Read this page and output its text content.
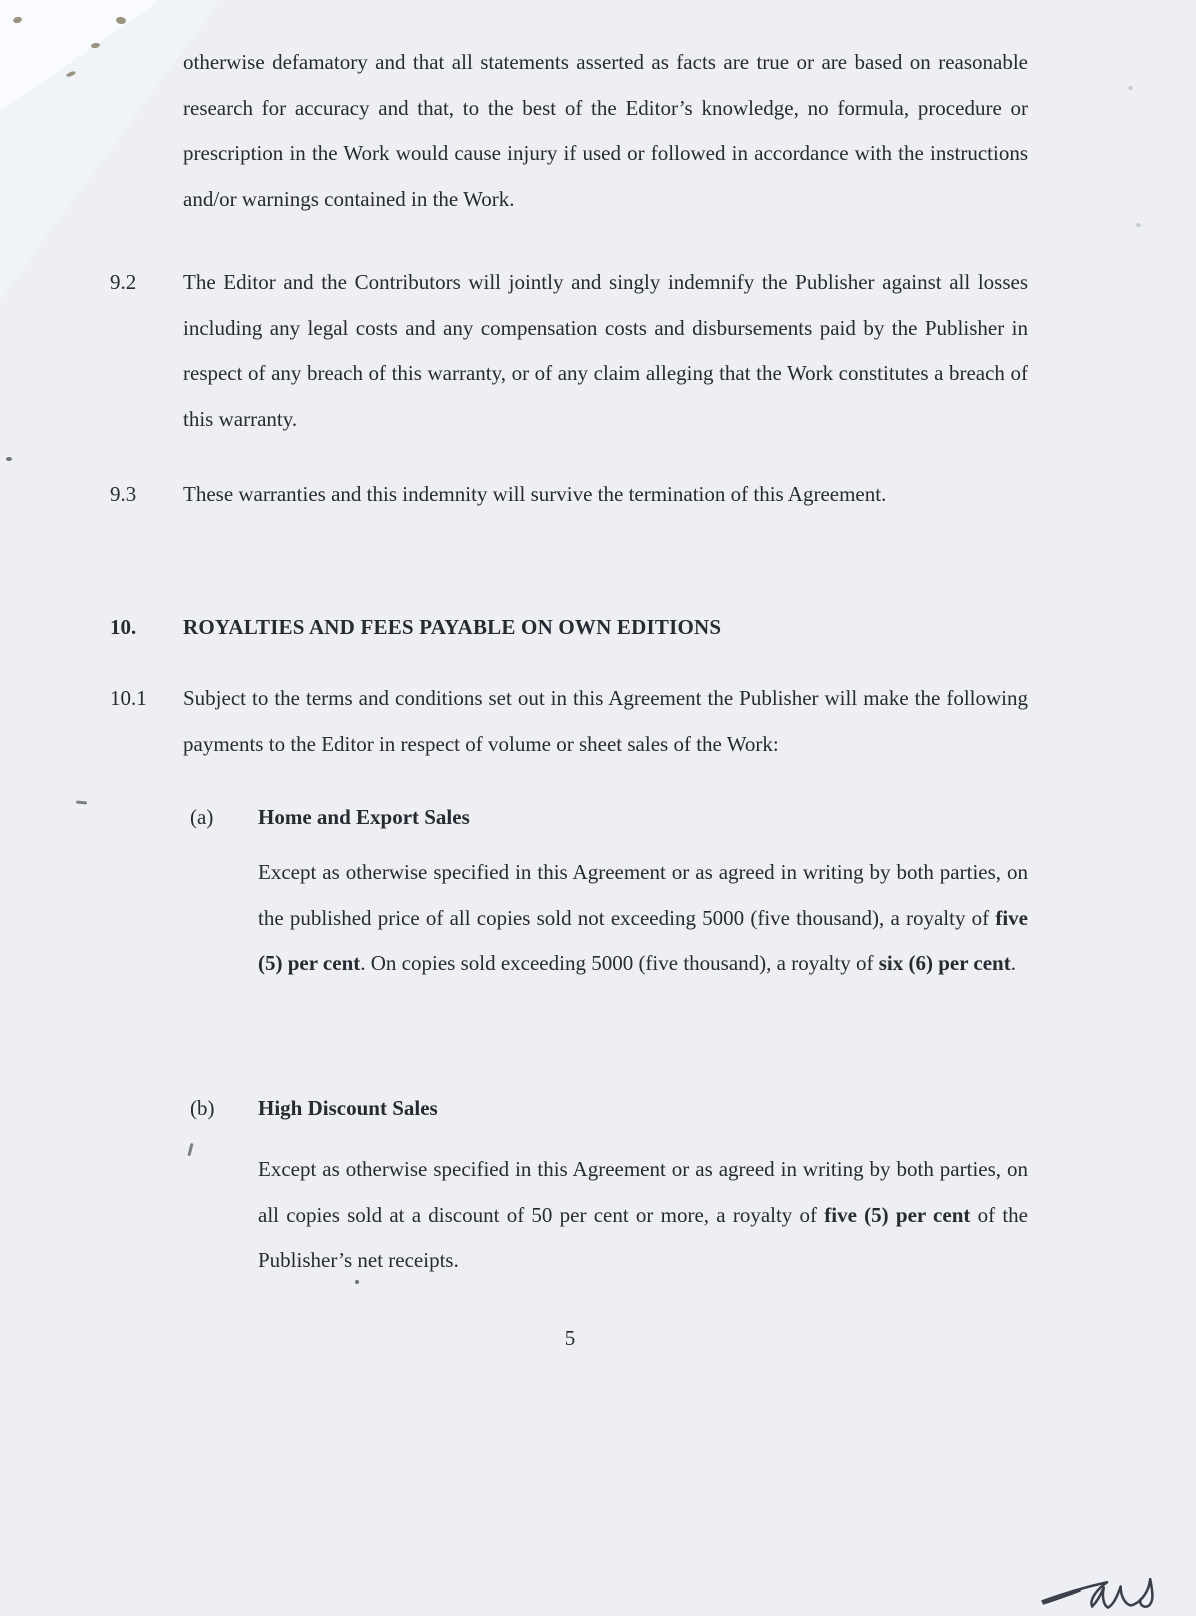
otherwise defamatory and that all statements asserted as facts are true or are based on reasonable research for accuracy and that, to the best of the Editor’s knowledge, no formula, procedure or prescription in the Work would cause injury if used or followed in accordance with the instructions and/or warnings contained in the Work.
9.2 The Editor and the Contributors will jointly and singly indemnify the Publisher against all losses including any legal costs and any compensation costs and disbursements paid by the Publisher in respect of any breach of this warranty, or of any claim alleging that the Work constitutes a breach of this warranty.
9.3 These warranties and this indemnity will survive the termination of this Agreement.
10. ROYALTIES AND FEES PAYABLE ON OWN EDITIONS
10.1 Subject to the terms and conditions set out in this Agreement the Publisher will make the following payments to the Editor in respect of volume or sheet sales of the Work:
(a) Home and Export Sales
Except as otherwise specified in this Agreement or as agreed in writing by both parties, on the published price of all copies sold not exceeding 5000 (five thousand), a royalty of five (5) per cent. On copies sold exceeding 5000 (five thousand), a royalty of six (6) per cent.
(b) High Discount Sales
Except as otherwise specified in this Agreement or as agreed in writing by both parties, on all copies sold at a discount of 50 per cent or more, a royalty of five (5) per cent of the Publisher’s net receipts.
5
